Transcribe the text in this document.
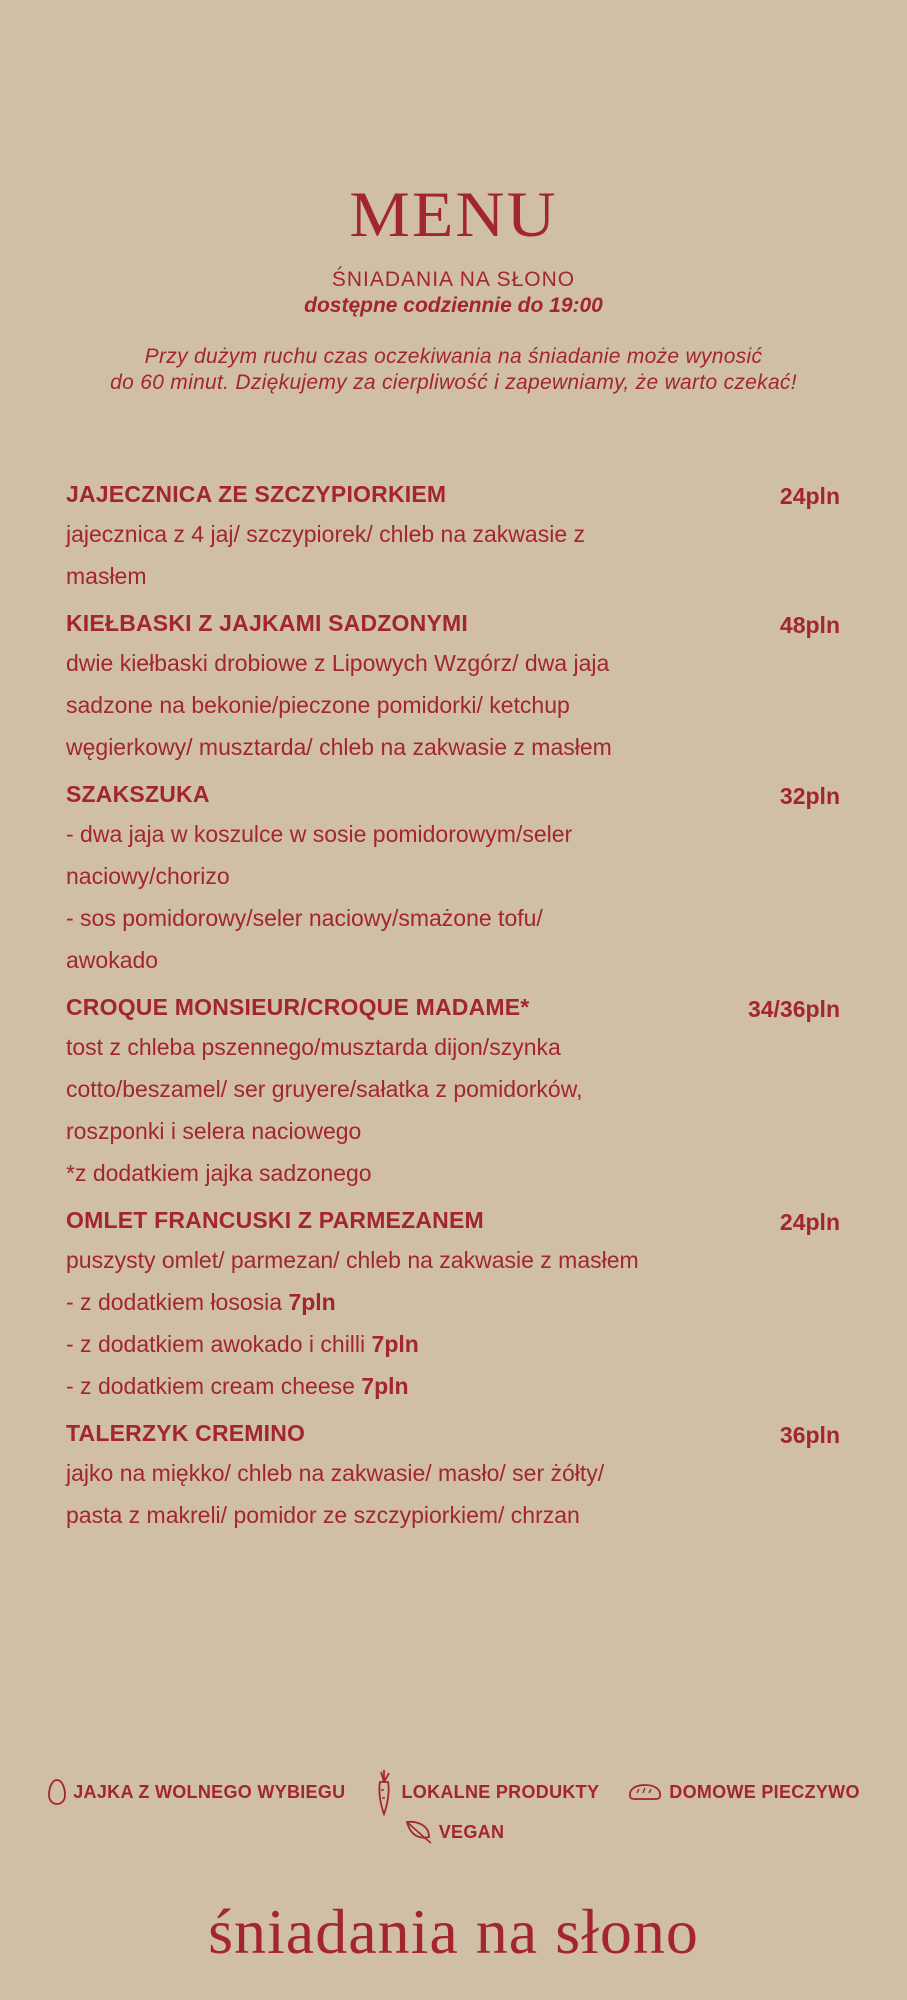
MENU
ŚNIADANIA NA SŁONO
dostępne codziennie do 19:00
Przy dużym ruchu czas oczekiwania na śniadanie może wynosić
do 60 minut. Dziękujemy za cierpliwość i zapewniamy, że warto czekać!
JAJECZNICA ZE SZCZYPIORKIEM	24pln
jajecznica z 4 jaj/ szczypiorek/ chleb na zakwasie z
masłem
KIEŁBASKI Z JAJKAMI SADZONYMI	48pln
dwie kiełbaski drobiowe z Lipowych Wzgórz/ dwa jaja
sadzone na bekonie/pieczone pomidorki/ ketchup
węgierkowy/ musztarda/ chleb na zakwasie z masłem
SZAKSZUKA	32pln
- dwa jaja w koszulce w sosie pomidorowym/seler
naciowy/chorizo
- sos pomidorowy/seler naciowy/smażone tofu/
awokado
CROQUE MONSIEUR/CROQUE MADAME*	34/36pln
tost z chleba pszennego/musztarda dijon/szynka
cotto/beszamel/ ser gruyere/sałatka z pomidorków,
roszponki i selera naciowego
*z dodatkiem jajka sadzonego
OMLET FRANCUSKI Z PARMEZANEM	24pln
puszysty omlet/ parmezan/ chleb na zakwasie z masłem
- z dodatkiem łososia 7pln
- z dodatkiem awokado i chilli 7pln
- z dodatkiem cream cheese 7pln
TALERZYK CREMINO	36pln
jajko na miękko/ chleb na zakwasie/ masło/ ser żółty/
pasta z makreli/ pomidor ze szczypiorkiem/ chrzan
JAJKA Z WOLNEGO WYBIEGU	LOKALNE PRODUKTY	DOMOWE PIECZYWO
VEGAN
śniadania na słono
